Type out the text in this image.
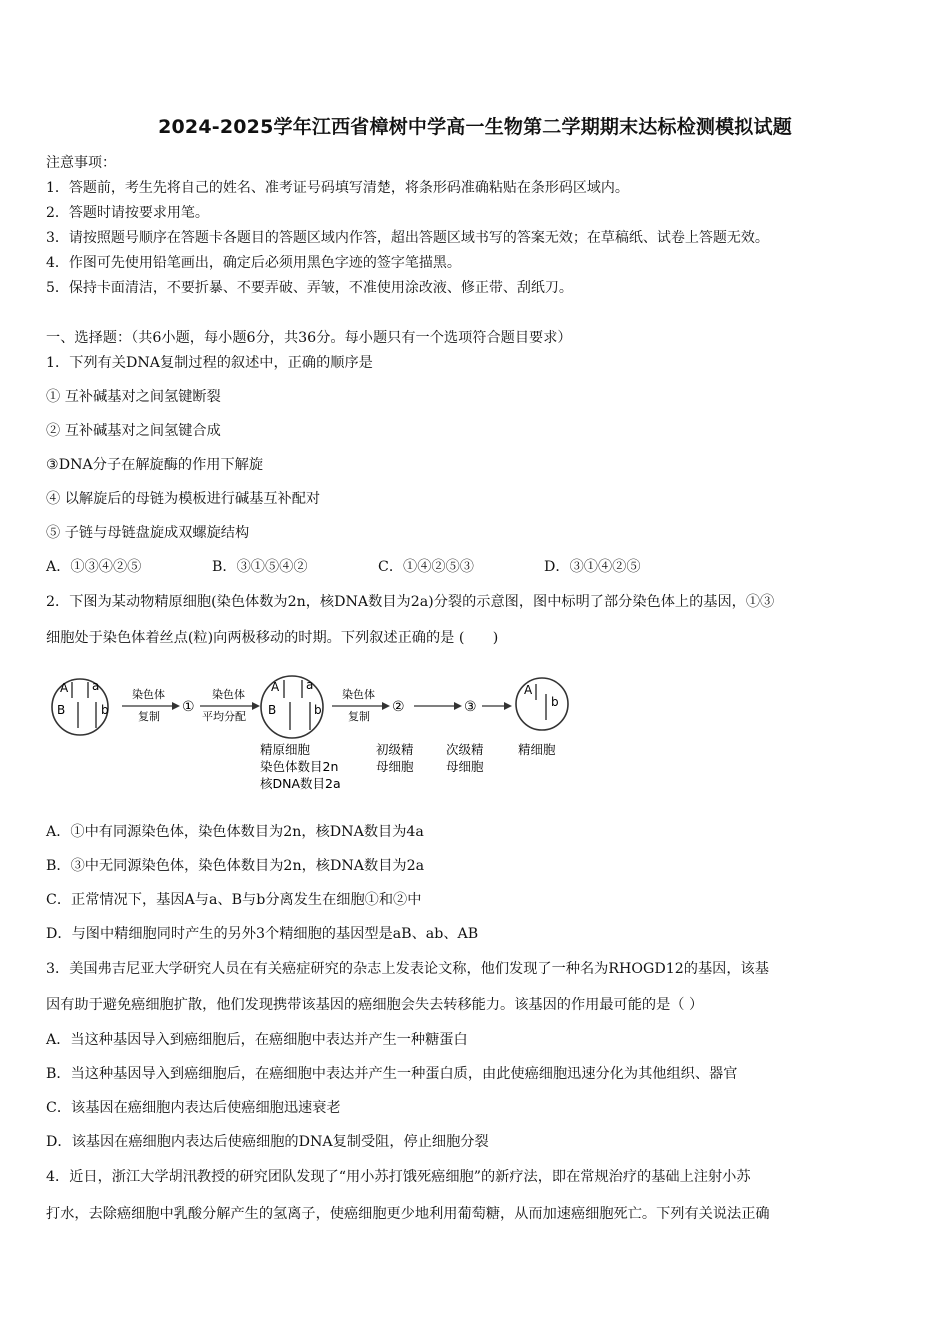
2024-2025学年江西省樟树中学高一生物第二学期期末达标检测模拟试题
注意事项：
1．答题前，考生先将自己的姓名、准考证号码填写清楚，将条形码准确粘贴在条形码区域内。
2．答题时请按要求用笔。
3．请按照题号顺序在答题卡各题目的答题区域内作答，超出答题区域书写的答案无效；在草稿纸、试卷上答题无效。
4．作图可先使用铅笔画出，确定后必须用黑色字迹的签字笔描黑。
5．保持卡面清洁，不要折暴、不要弄破、弄皱，不准使用涂改液、修正带、刮纸刀。
一、选择题：（共6小题，每小题6分，共36分。每小题只有一个选项符合题目要求）
1．下列有关DNA复制过程的叙述中，正确的顺序是
① 互补碱基对之间氢键断裂
② 互补碱基对之间氢键合成
③DNA分子在解旋酶的作用下解旋
④ 以解旋后的母链为模板进行碱基互补配对
⑤ 子链与母链盘旋成双螺旋结构
A．①③④②⑤	B．③①⑤④②	C．①④②⑤③	D．③①④②⑤
2．下图为某动物精原细胞(染色体数为2n，核DNA数目为2a)分裂的示意图，图中标明了部分染色体上的基因，①③
细胞处于染色体着丝点(粒)向两极移动的时期。下列叙述正确的是 (　　)
A a
B	b
染色体
复制
①
染色体
平均分配
A a
B	b
染色体
复制
②	③
A
b
精原细胞
染色体数目2n
核DNA数目2a
初级精
母细胞
次级精
母细胞
精细胞
A．①中有同源染色体，染色体数目为2n，核DNA数目为4a
B．③中无同源染色体，染色体数目为2n，核DNA数目为2a
C．正常情况下，基因A与a、B与b分离发生在细胞①和②中
D．与图中精细胞同时产生的另外3个精细胞的基因型是aB、ab、AB
3．美国弗吉尼亚大学研究人员在有关癌症研究的杂志上发表论文称，他们发现了一种名为RHOGD12的基因，该基
因有助于避免癌细胞扩散，他们发现携带该基因的癌细胞会失去转移能力。该基因的作用最可能的是（ ）
A．当这种基因导入到癌细胞后，在癌细胞中表达并产生一种糖蛋白
B．当这种基因导入到癌细胞后，在癌细胞中表达并产生一种蛋白质，由此使癌细胞迅速分化为其他组织、器官
C．该基因在癌细胞内表达后使癌细胞迅速衰老
D．该基因在癌细胞内表达后使癌细胞的DNA复制受阻，停止细胞分裂
4．近日，浙江大学胡汛教授的研究团队发现了“用小苏打饿死癌细胞”的新疗法，即在常规治疗的基础上注射小苏
打水，去除癌细胞中乳酸分解产生的氢离子，使癌细胞更少地利用葡萄糖，从而加速癌细胞死亡。下列有关说法正确
